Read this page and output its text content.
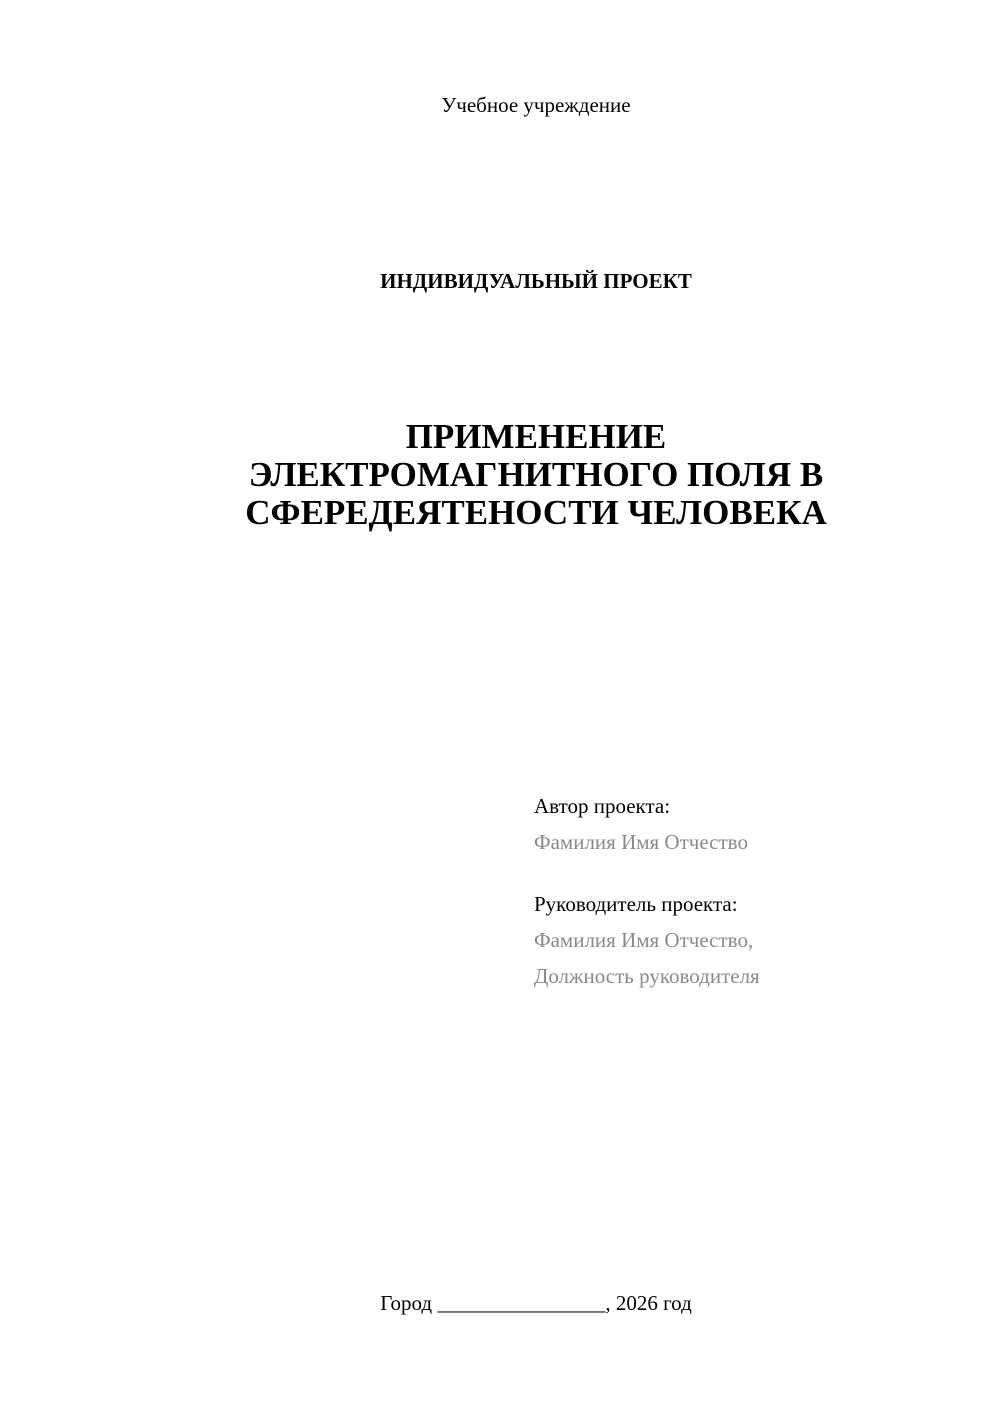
Учебное учреждение
ИНДИВИДУАЛЬНЫЙ ПРОЕКТ
ПРИМЕНЕНИЕ
ЭЛЕКТРОМАГНИТНОГО ПОЛЯ В
СФЕРЕДЕЯТЕНОСТИ ЧЕЛОВЕКА
Автор проекта:
Фамилия Имя Отчество
Руководитель проекта:
Фамилия Имя Отчество,
Должность руководителя
Город ________________, 2026 год
